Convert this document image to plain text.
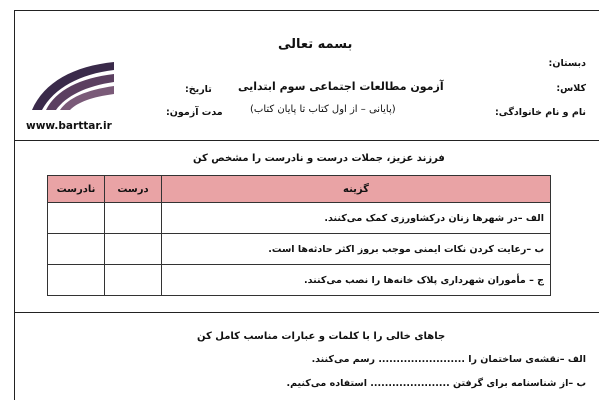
بسمه تعالی
دبستان:
کلاس:
نام و نام خانوادگی:
آزمون مطالعات اجتماعی سوم ابتدایی
(پایانی – از اول کتاب تا پایان کتاب)
تاریخ:
مدت آزمون:
www.barttar.ir
فرزند عزیز، جملات درست و نادرست را مشخص کن
گزینه	درست	نادرست
الف –در شهرها زنان درکشاورزی کمک می‌کنند.		
ب –رعایت کردن نکات ایمنی موجب بروز اکثر حادثه‌ها است.		
ج – مأموران شهرداری پلاک خانه‌ها را نصب می‌کنند.		
جاهای خالی را با کلمات و عبارات مناسب کامل کن
الف –نقشه‌ی ساختمان را ........................ رسم می‌کنند.
ب –از شناسنامه برای گرفتن ...................... استفاده می‌کنیم.
